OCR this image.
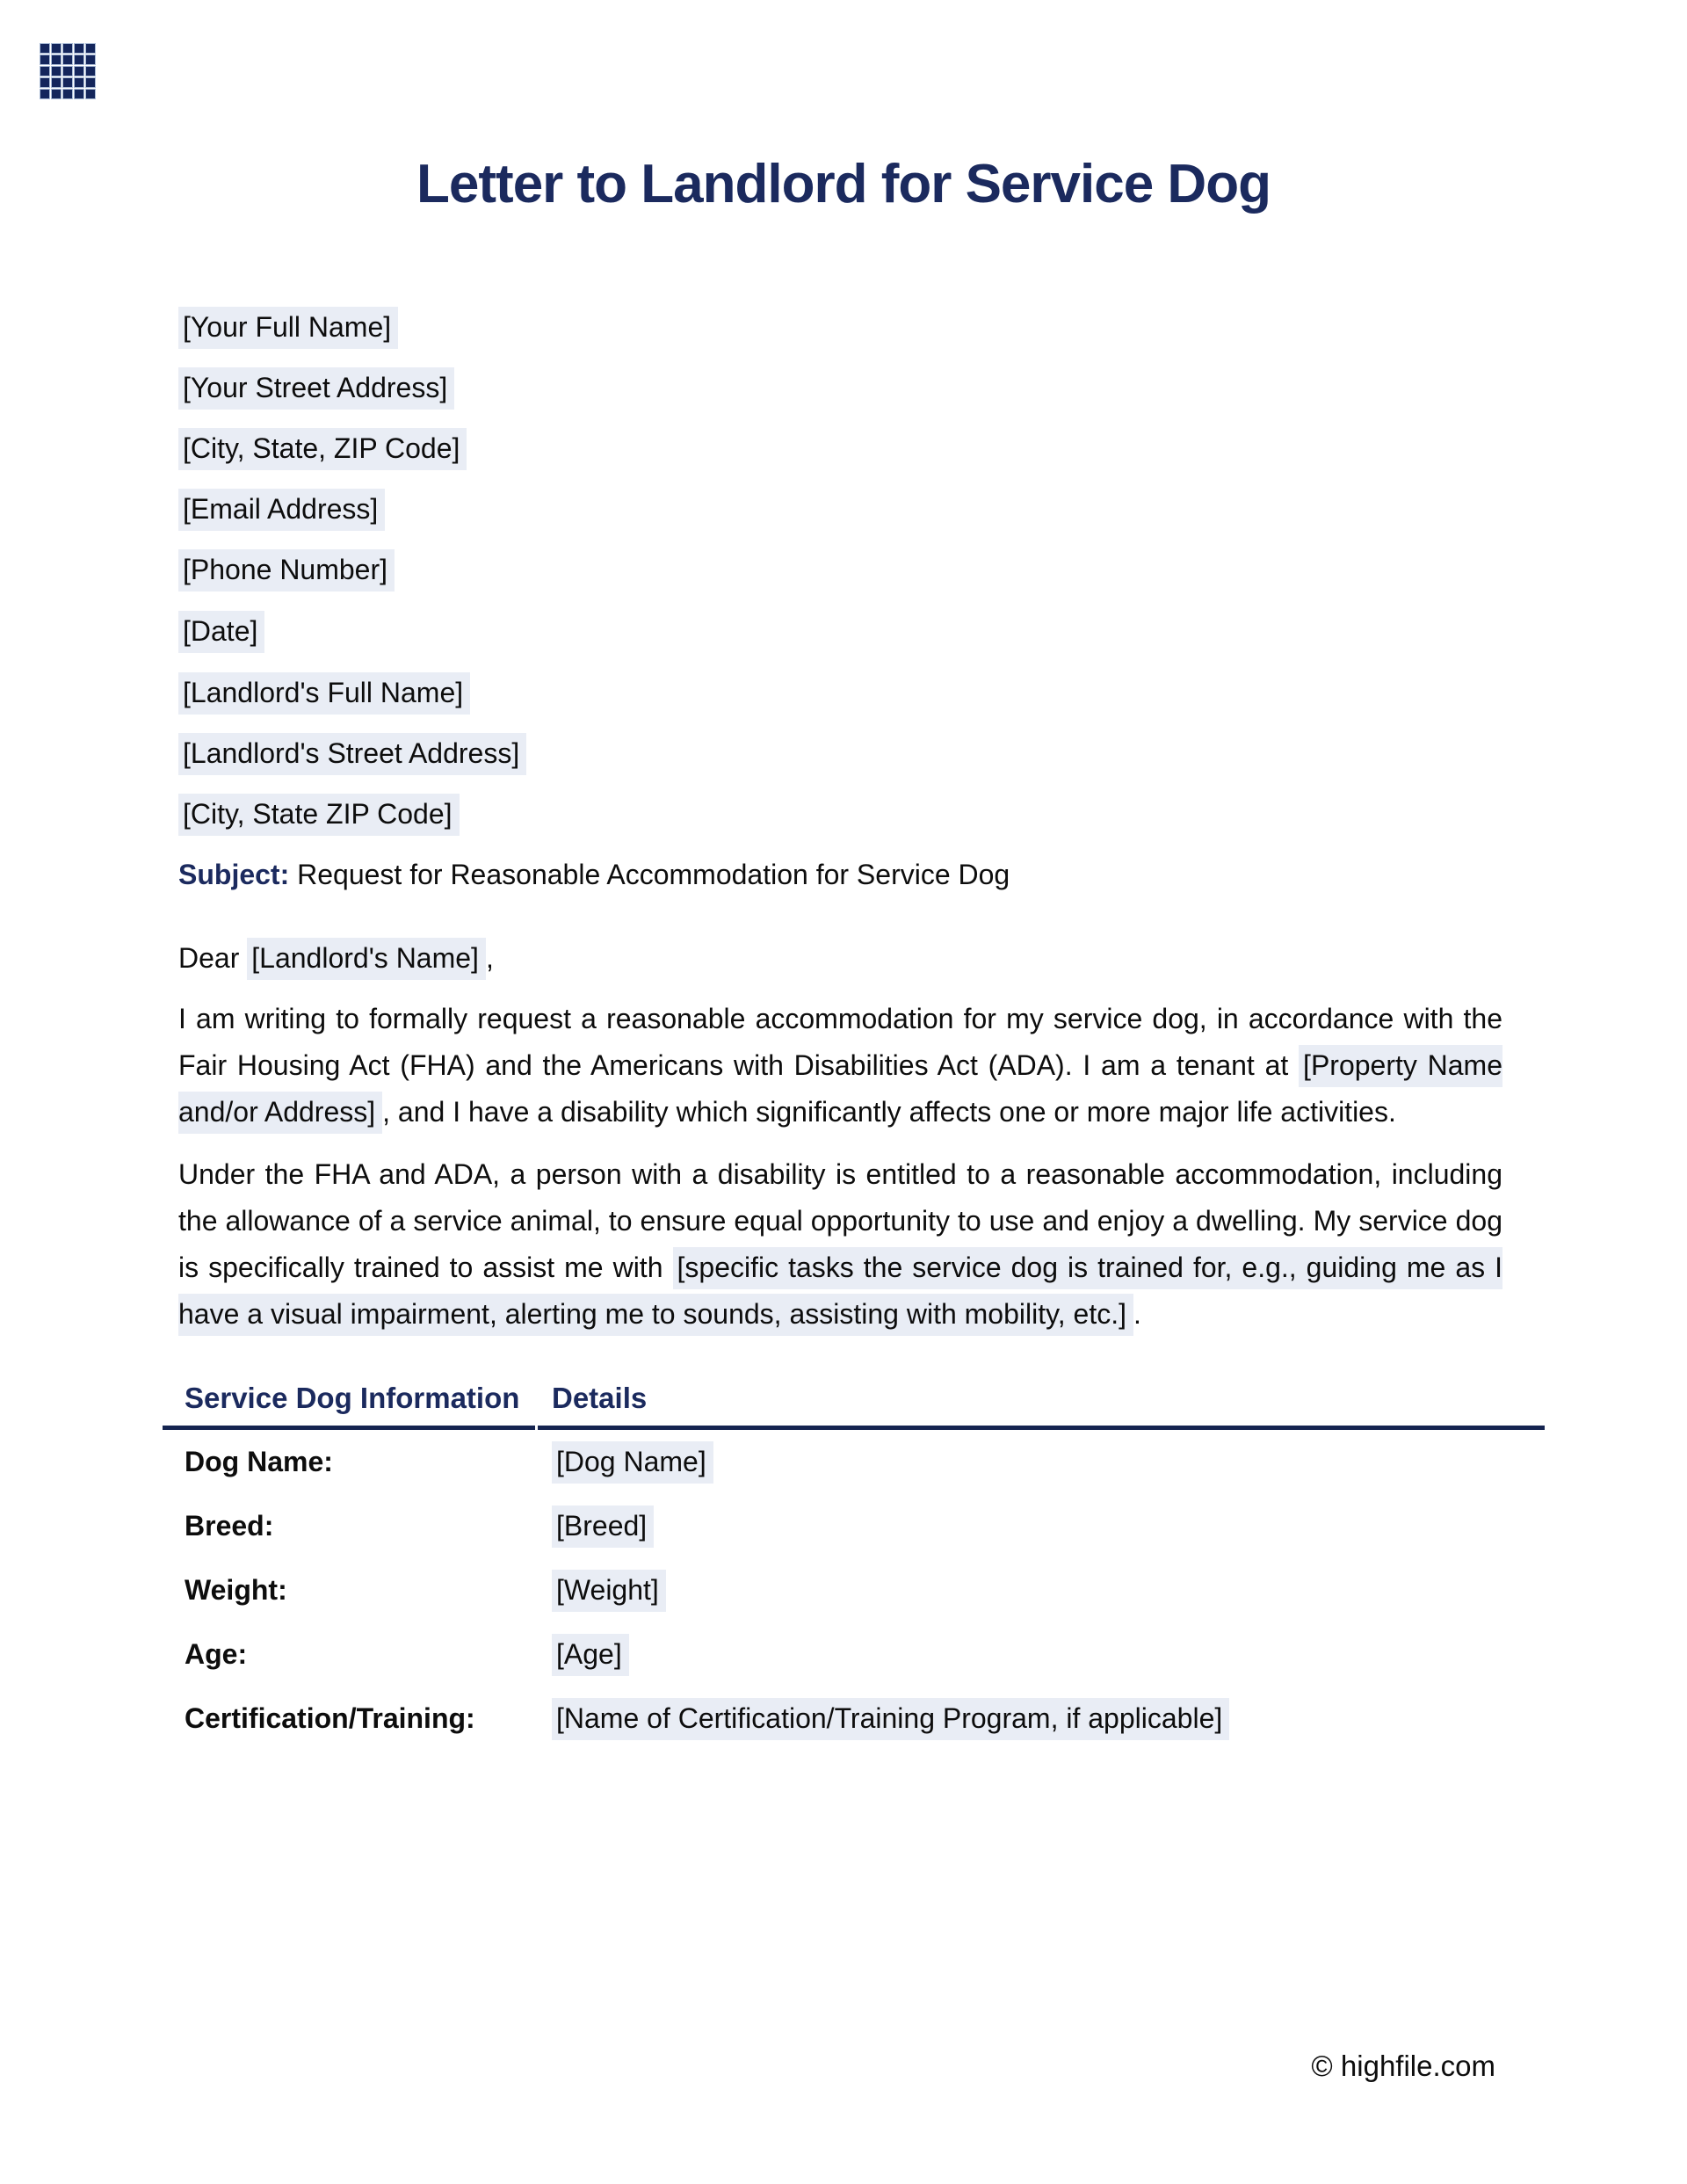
Letter to Landlord for Service Dog

[Your Full Name]

[Your Street Address]

[City, State, ZIP Code]

[Email Address]

[Phone Number]

[Date]

[Landlord's Full Name]

[Landlord's Street Address]

[City, State ZIP Code]

Subject: Request for Reasonable Accommodation for Service Dog

Dear [Landlord's Name] ,

I am writing to formally request a reasonable accommodation for my service dog, in accordance with the Fair Housing Act (FHA) and the Americans with Disabilities Act (ADA). I am a tenant at [Property Name and/or Address] , and I have a disability which significantly affects one or more major life activities.

Under the FHA and ADA, a person with a disability is entitled to a reasonable accommodation, including the allowance of a service animal, to ensure equal opportunity to use and enjoy a dwelling. My service dog is specifically trained to assist me with [specific tasks the service dog is trained for, e.g., guiding me as I have a visual impairment, alerting me to sounds, assisting with mobility, etc.] .

Service Dog Information	Details
Dog Name:	[Dog Name]
Breed:	[Breed]
Weight:	[Weight]
Age:	[Age]
Certification/Training:	[Name of Certification/Training Program, if applicable]
© highfile.com
